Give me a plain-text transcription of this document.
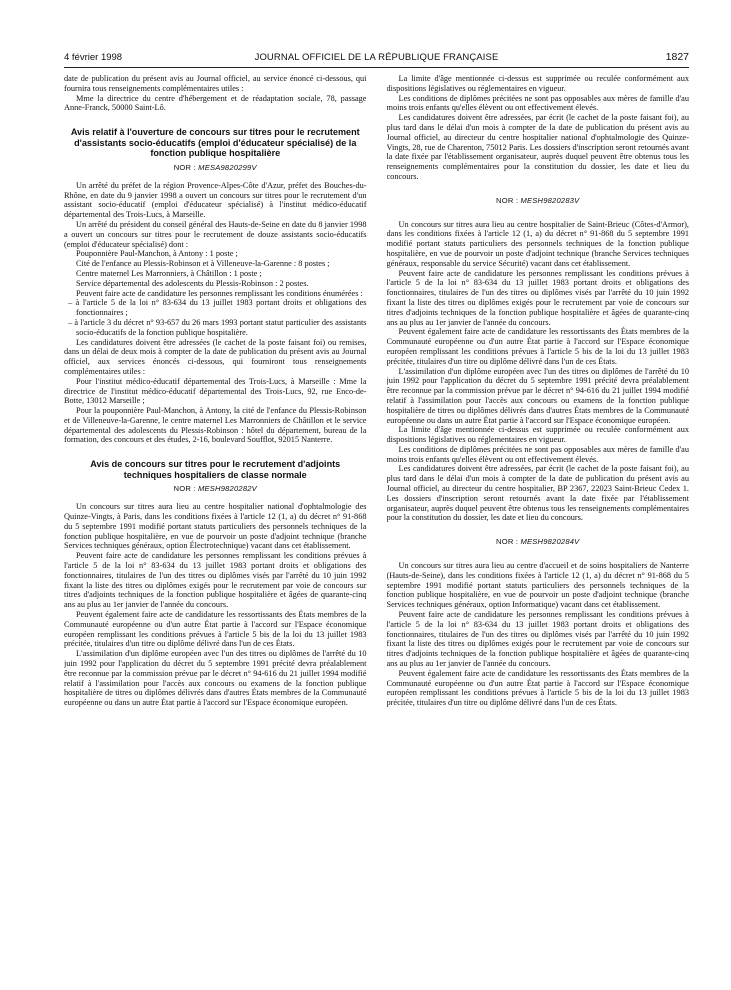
4 février 1998	JOURNAL OFFICIEL DE LA RÉPUBLIQUE FRANÇAISE	1827

date de publication du présent avis au Journal officiel, au service énoncé ci-dessous, qui fournira tous renseignements complémentaires utiles :

Mme la directrice du centre d'hébergement et de réadaptation sociale, 78, passage Anne-Franck, 50000 Saint-Lô.

Avis relatif à l'ouverture de concours sur titres pour le recrutement d'assistants socio-éducatifs (emploi d'éducateur spécialisé) de la fonction publique hospitalière
NOR : MESA9820299V

Un arrêté du préfet de la région Provence-Alpes-Côte d'Azur, préfet des Bouches-du-Rhône, en date du 9 janvier 1998 a ouvert un concours sur titres pour le recrutement d'un assistant socio-éducatif (emploi d'éducateur spécialisé) à l'institut médico-éducatif départemental des Trois-Lucs, à Marseille.

Un arrêté du président du conseil général des Hauts-de-Seine en date du 8 janvier 1998 a ouvert un concours sur titres pour le recrutement de douze assistants socio-éducatifs (emploi d'éducateur spécialisé) dont :

Pouponnière Paul-Manchon, à Antony : 1 poste ;

Cité de l'enfance au Plessis-Robinson et à Villeneuve-la-Garenne : 8 postes ;

Centre maternel Les Marronniers, à Châtillon : 1 poste ;

Service départemental des adolescents du Plessis-Robinson : 2 postes.

Peuvent faire acte de candidature les personnes remplissant les conditions énumérées :

– à l'article 5 de la loi n° 83-634 du 13 juillet 1983 portant droits et obligations des fonctionnaires ;

– à l'article 3 du décret n° 93-657 du 26 mars 1993 portant statut particulier des assistants socio-éducatifs de la fonction publique hospitalière.

Les candidatures doivent être adressées (le cachet de la poste faisant foi) ou remises, dans un délai de deux mois à compter de la date de publication du présent avis au Journal officiel, aux services énoncés ci-dessous, qui fourniront tous renseignements complémentaires utiles :

Pour l'institut médico-éducatif départemental des Trois-Lucs, à Marseille : Mme la directrice de l'institut médico-éducatif départemental des Trois-Lucs, 92, rue Enco-de-Botte, 13012 Marseille ;

Pour la pouponnière Paul-Manchon, à Antony, la cité de l'enfance du Plessis-Robinson et de Villeneuve-la-Garenne, le centre maternel Les Marronniers de Châtillon et le service départemental des adolescents du Plessis-Robinson : hôtel du département, bureau de la formation, des concours et des études, 2-16, boulevard Soufflot, 92015 Nanterre.

Avis de concours sur titres pour le recrutement d'adjoints techniques hospitaliers de classe normale
NOR : MESH9820282V

Un concours sur titres aura lieu au centre hospitalier national d'ophtalmologie des Quinze-Vingts, à Paris, dans les conditions fixées à l'article 12 (1, a) du décret n° 91-868 du 5 septembre 1991 modifié portant statuts particuliers des personnels techniques de la fonction publique hospitalière, en vue de pourvoir un poste d'adjoint technique (branche Services techniques généraux, option Électrotechnique) vacant dans cet établissement.

Peuvent faire acte de candidature les personnes remplissant les conditions prévues à l'article 5 de la loi n° 83-634 du 13 juillet 1983 portant droits et obligations des fonctionnaires, titulaires de l'un des titres ou diplômes visés par l'arrêté du 10 juin 1992 fixant la liste des titres ou diplômes exigés pour le recrutement par voie de concours sur titres d'adjoints techniques de la fonction publique hospitalière et âgées de quarante-cinq ans au plus au 1er janvier de l'année du concours.

Peuvent également faire acte de candidature les ressortissants des États membres de la Communauté européenne ou d'un autre État partie à l'accord sur l'Espace économique européen remplissant les conditions prévues à l'article 5 bis de la loi du 13 juillet 1983 précitée, titulaires d'un titre ou diplôme délivré dans l'un de ces États.

L'assimilation d'un diplôme européen avec l'un des titres ou diplômes de l'arrêté du 10 juin 1992 pour l'application du décret du 5 septembre 1991 précité devra préalablement être reconnue par la commission prévue par le décret n° 94-616 du 21 juillet 1994 modifié relatif à l'assimilation pour l'accès aux concours ou examens de la fonction publique hospitalière de titres ou diplômes délivrés dans d'autres États membres de la Communauté européenne ou dans un autre État partie à l'accord sur l'Espace économique européen.

La limite d'âge mentionnée ci-dessus est supprimée ou reculée conformément aux dispositions législatives ou réglementaires en vigueur.

Les conditions de diplômes précitées ne sont pas opposables aux mères de famille d'au moins trois enfants qu'elles élèvent ou ont effectivement élevés.

Les candidatures doivent être adressées, par écrit (le cachet de la poste faisant foi), au plus tard dans le délai d'un mois à compter de la date de publication du présent avis au Journal officiel, au directeur du centre hospitalier national d'ophtalmologie des Quinze-Vingts, 28, rue de Charenton, 75012 Paris. Les dossiers d'inscription seront retournés avant la date fixée par l'établissement organisateur, auprès duquel peuvent être obtenus tous les renseignements complémentaires pour la constitution du dossier, les date et lieu du concours.

NOR : MESH9820283V

Un concours sur titres aura lieu au centre hospitalier de Saint-Brieuc (Côtes-d'Armor), dans les conditions fixées à l'article 12 (1, a) du décret n° 91-868 du 5 septembre 1991 modifié portant statuts particuliers des personnels techniques de la fonction publique hospitalière, en vue de pourvoir un poste d'adjoint technique (branche Services techniques généraux, responsable du service Sécurité) vacant dans cet établissement.

Peuvent faire acte de candidature les personnes remplissant les conditions prévues à l'article 5 de la loi n° 83-634 du 13 juillet 1983 portant droits et obligations des fonctionnaires, titulaires de l'un des titres ou diplômes visés par l'arrêté du 10 juin 1992 fixant la liste des titres ou diplômes exigés pour le recrutement par voie de concours sur titres d'adjoints techniques de la fonction publique hospitalière et âgées de quarante-cinq ans au plus au 1er janvier de l'année du concours.

Peuvent également faire acte de candidature les ressortissants des États membres de la Communauté européenne ou d'un autre État partie à l'accord sur l'Espace économique européen remplissant les conditions prévues à l'article 5 bis de la loi du 13 juillet 1983 précitée, titulaires d'un titre ou diplôme délivré dans l'un de ces États.

L'assimilation d'un diplôme européen avec l'un des titres ou diplômes de l'arrêté du 10 juin 1992 pour l'application du décret du 5 septembre 1991 précité devra préalablement être reconnue par la commission prévue par le décret n° 94-616 du 21 juillet 1994 modifié relatif à l'assimilation pour l'accès aux concours ou examens de la fonction publique hospitalière de titres ou diplômes délivrés dans d'autres États membres de la Communauté européenne ou dans un autre État partie à l'accord sur l'Espace économique européen.

La limite d'âge mentionnée ci-dessus est supprimée ou reculée conformément aux dispositions législatives ou réglementaires en vigueur.

Les conditions de diplômes précitées ne sont pas opposables aux mères de famille d'au moins trois enfants qu'elles élèvent ou ont effectivement élevés.

Les candidatures doivent être adressées, par écrit (le cachet de la poste faisant foi), au plus tard dans le délai d'un mois à compter de la date de publication du présent avis au Journal officiel, au directeur du centre hospitalier, BP 2367, 22023 Saint-Brieuc Cedex 1. Les dossiers d'inscription seront retournés avant la date fixée par l'établissement organisateur, auprès duquel peuvent être obtenus tous les renseignements complémentaires pour la constitution du dossier, les date et lieu du concours.

NOR : MESH9820284V

Un concours sur titres aura lieu au centre d'accueil et de soins hospitaliers de Nanterre (Hauts-de-Seine), dans les conditions fixées à l'article 12 (1, a) du décret n° 91-868 du 5 septembre 1991 modifié portant statuts particuliers des personnels techniques de la fonction publique hospitalière, en vue de pourvoir un poste d'adjoint technique (branche Services techniques généraux, option Informatique) vacant dans cet établissement.

Peuvent faire acte de candidature les personnes remplissant les conditions prévues à l'article 5 de la loi n° 83-634 du 13 juillet 1983 portant droits et obligations des fonctionnaires, titulaires de l'un des titres ou diplômes visés par l'arrêté du 10 juin 1992 fixant la liste des titres ou diplômes exigés pour le recrutement par voie de concours sur titres d'adjoints techniques de la fonction publique hospitalière et âgées de quarante-cinq ans au plus au 1er janvier de l'année du concours.

Peuvent également faire acte de candidature les ressortissants des États membres de la Communauté européenne ou d'un autre État partie à l'accord sur l'Espace économique européen remplissant les conditions prévues à l'article 5 bis de la loi du 13 juillet 1983 précitée, titulaires d'un titre ou diplôme délivré dans l'un de ces États.
